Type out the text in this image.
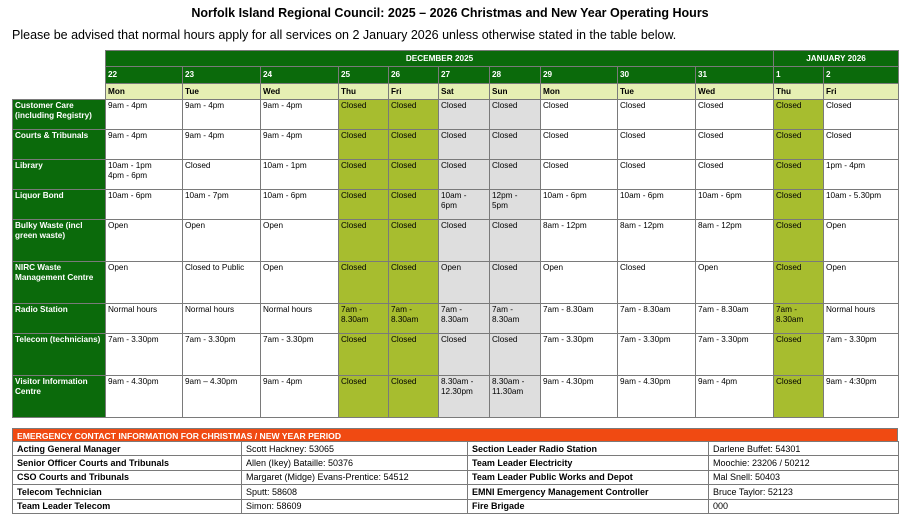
Norfolk Island Regional Council: 2025 – 2026 Christmas and New Year Operating Hours
Please be advised that normal hours apply for all services on 2 January 2026 unless otherwise stated in the table below.
	DECEMBER 2025										JANUARY 2026	
	22	23	24	25	26	27	28	29	30	31	1	2
	Mon	Tue	Wed	Thu	Fri	Sat	Sun	Mon	Tue	Wed	Thu	Fri
Customer Care (including Registry)	9am - 4pm	9am - 4pm	9am - 4pm	Closed	Closed	Closed	Closed	Closed	Closed	Closed	Closed	Closed
Courts & Tribunals	9am - 4pm	9am - 4pm	9am - 4pm	Closed	Closed	Closed	Closed	Closed	Closed	Closed	Closed	Closed
Library	10am - 1pm
4pm - 6pm	Closed	10am - 1pm	Closed	Closed	Closed	Closed	Closed	Closed	Closed	Closed	1pm - 4pm
Liquor Bond	10am - 6pm	10am - 7pm	10am - 6pm	Closed	Closed	10am -
6pm	12pm -
5pm	10am - 6pm	10am - 6pm	10am - 6pm	Closed	10am - 5.30pm
Bulky Waste (incl green waste)	Open	Open	Open	Closed	Closed	Closed	Closed	8am - 12pm	8am - 12pm	8am - 12pm	Closed	Open
NIRC Waste Management Centre	Open	Closed to Public	Open	Closed	Closed	Open	Closed	Open	Closed	Open	Closed	Open
Radio Station	Normal hours	Normal hours	Normal hours	7am -
8.30am	7am -
8.30am	7am -
8.30am	7am -
8.30am	7am - 8.30am	7am - 8.30am	7am - 8.30am	7am -
8.30am	Normal hours
Telecom (technicians)	7am - 3.30pm	7am - 3.30pm	7am - 3.30pm	Closed	Closed	Closed	Closed	7am - 3.30pm	7am - 3.30pm	7am - 3.30pm	Closed	7am - 3.30pm
Visitor Information Centre	9am - 4.30pm	9am – 4.30pm	9am - 4pm	Closed	Closed	8.30am -
12.30pm	8.30am -
11.30am	9am - 4.30pm	9am - 4.30pm	9am - 4pm	Closed	9am - 4:30pm
EMERGENCY CONTACT INFORMATION FOR CHRISTMAS / NEW YEAR PERIOD
Acting General Manager	Scott Hackney: 53065	Section Leader Radio Station	Darlene Buffet: 54301
Senior Officer Courts and Tribunals	Allen (Ikey) Bataille: 50376	Team Leader Electricity	Moochie: 23206 / 50212
CSO Courts and Tribunals	Margaret (Midge) Evans-Prentice: 54512	Team Leader Public Works and Depot	Mal Snell: 50403
Telecom Technician	Sputt: 58608	EMNI Emergency Management Controller	Bruce Taylor: 52123
Team Leader Telecom	Simon: 58609	Fire Brigade	000
